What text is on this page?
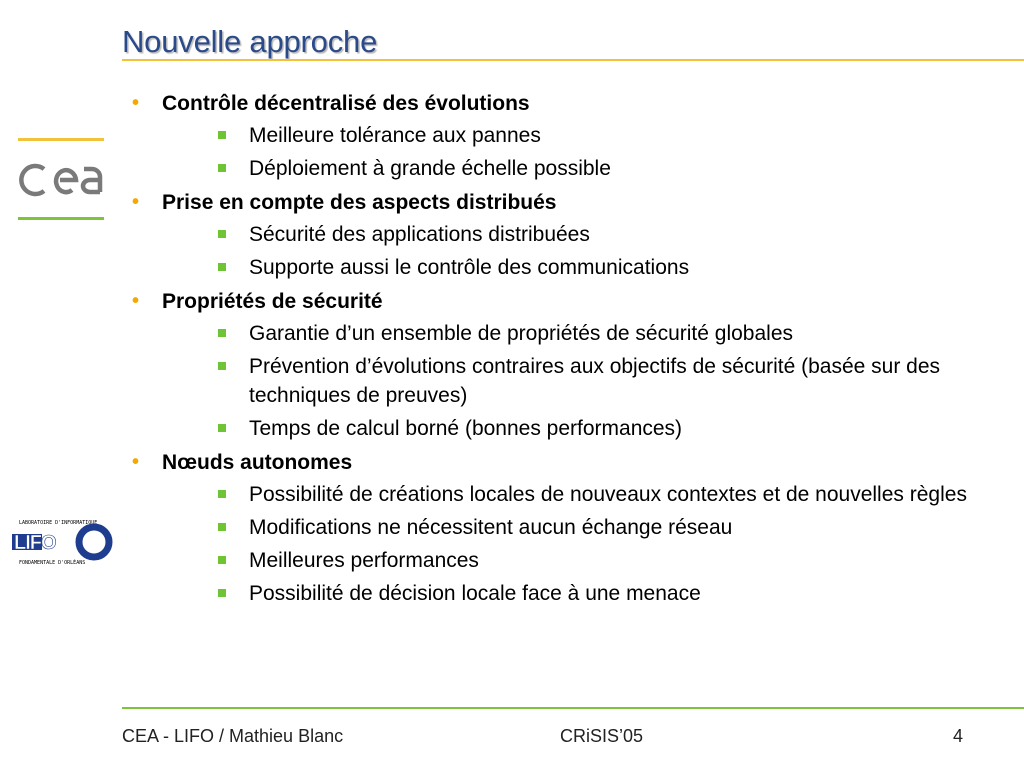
Nouvelle approche
LABORATOIRE D'INFORMATIQUE
FONDAMENTALE D'ORLÉANS
LIFO
• Contrôle décentralisé des évolutions
Meilleure tolérance aux pannes
Déploiement à grande échelle possible
• Prise en compte des aspects distribués
Sécurité des applications distribuées
Supporte aussi le contrôle des communications
• Propriétés de sécurité
Garantie d’un ensemble de propriétés de sécurité globales
Prévention d’évolutions contraires aux objectifs de sécurité (basée sur des techniques de preuves)
Temps de calcul borné (bonnes performances)
• Nœuds autonomes
Possibilité de créations locales de nouveaux contextes et de nouvelles règles
Modifications ne nécessitent aucun échange réseau
Meilleures performances
Possibilité de décision locale face à une menace
CEA - LIFO / Mathieu Blanc	CRiSIS’05	4
